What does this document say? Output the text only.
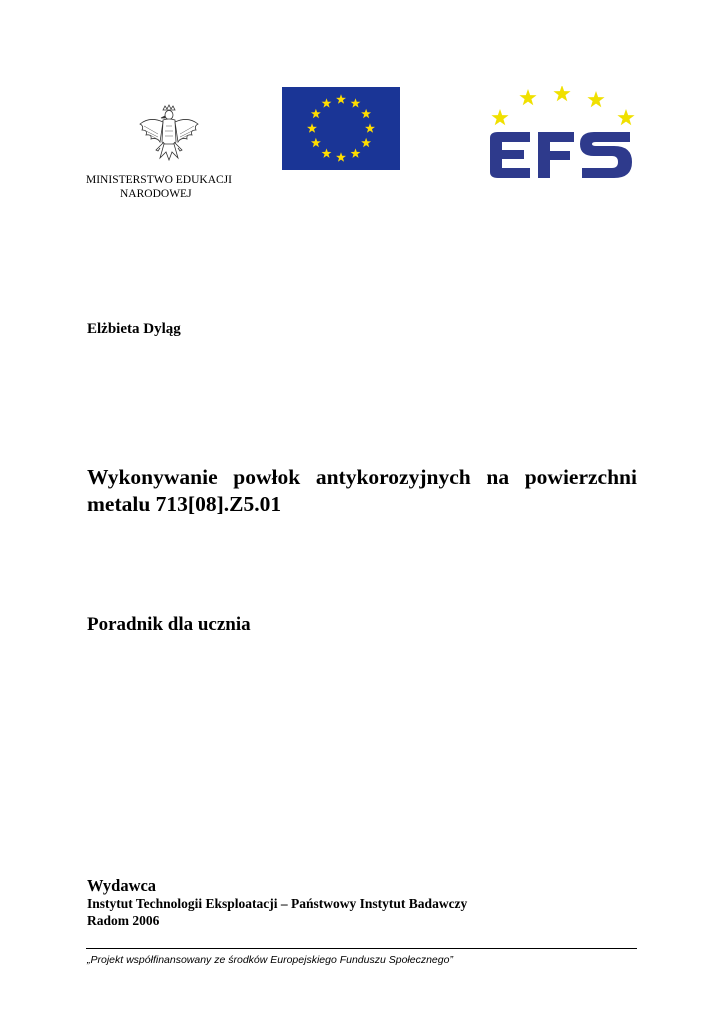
MINISTERSTWO EDUKACJI
NARODOWEJ
Elżbieta Dyląg
Wykonywanie powłok antykorozyjnych na powierzchni metalu 713[08].Z5.01
Poradnik dla ucznia
Wydawca
Instytut Technologii Eksploatacji – Państwowy Instytut Badawczy
Radom 2006
„Projekt współfinansowany ze środków Europejskiego Funduszu Społecznego”
